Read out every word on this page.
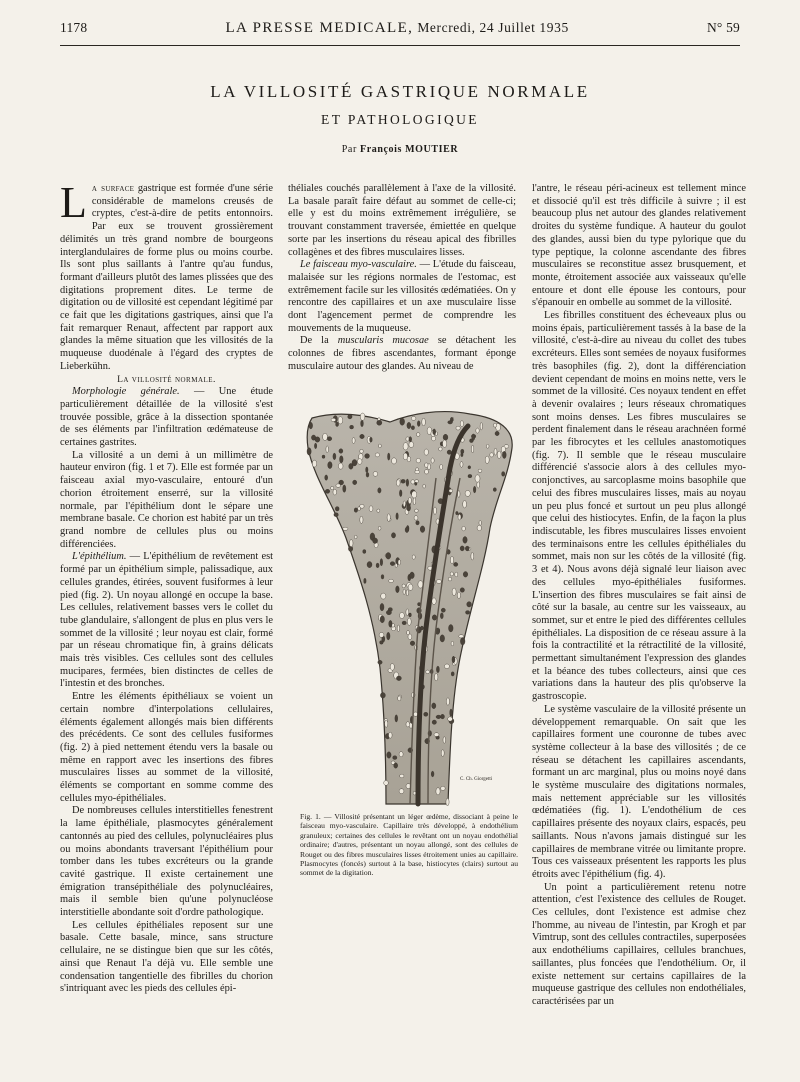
1178	LA PRESSE MEDICALE, Mercredi, 24 Juillet 1935	N° 59
LA VILLOSITÉ GASTRIQUE NORMALE
ET PATHOLOGIQUE
Par François MOUTIER

La surface gastrique est formée d'une série considérable de mamelons creusés de cryptes, c'est-à-dire de petits entonnoirs. Par eux se trouvent grossièrement délimités un très grand nombre de bourgeons interglandulaires de forme plus ou moins courbe. Ils sont plus saillants à l'antre qu'au fundus, formant d'ailleurs plutôt des lames plissées que des digitations proprement dites. Le terme de digitation ou de villosité est cependant légitimé par ce fait que les digitations gastriques, ainsi que l'a fait remarquer Renaut, affectent par rapport aux glandes la même situation que les villosités de la muqueuse duodénale à l'égard des cryptes de Lieberkühn.

La villosité normale.

Morphologie générale. — Une étude particulièrement détaillée de la villosité s'est trouvée possible, grâce à la dissection spontanée de ses éléments par l'infiltration œdémateuse de certaines gastrites.

La villosité a un demi à un millimètre de hauteur environ (fig. 1 et 7). Elle est formée par un faisceau axial myo-vasculaire, entouré d'un chorion étroitement enserré, sur la villosité normale, par l'épithélium dont le sépare une membrane basale. Ce chorion est habité par un très grand nombre de cellules plus ou moins différenciées.

L'épithélium. — L'épithélium de revêtement est formé par un épithélium simple, palissadique, aux cellules grandes, étirées, souvent fusiformes à leur pied (fig. 2). Un noyau allongé en occupe la base. Les cellules, relativement basses vers le collet du tube glandulaire, s'allongent de plus en plus vers le sommet de la villosité ; leur noyau est clair, formé par un réseau chromatique fin, à grains délicats mais très visibles. Ces cellules sont des cellules mucipares, fermées, bien distinctes de celles de l'intestin et des bronches.

Entre les éléments épithéliaux se voient un certain nombre d'interpolations cellulaires, éléments également allongés mais bien différents des précédents. Ce sont des cellules fusiformes (fig. 2) à pied nettement étendu vers la basale ou même en rapport avec les insertions des fibres musculaires lisses au sommet de la villosité, éléments se comportant en somme comme des cellules myo-épithéliales.

De nombreuses cellules interstitielles fenestrent la lame épithéliale, plasmocytes généralement cantonnés au pied des cellules, polynucléaires plus ou moins abondants traversant l'épithélium pour tomber dans les tubes excréteurs ou la grande cavité gastrique. Il existe certainement une émigration transépithéliale des polynucléaires, mais il semble bien qu'une polynucléose interstitielle abondante soit d'ordre pathologique.

Les cellules épithéliales reposent sur une basale. Cette basale, mince, sans structure cellulaire, ne se distingue bien que sur les côtés, ainsi que Renaut l'a déjà vu. Elle semble une condensation tangentielle des fibrilles du chorion s'intriquant avec les pieds des cellules épi-

théliales couchés parallèlement à l'axe de la villosité. La basale paraît faire défaut au sommet de celle-ci; elle y est du moins extrêmement irrégulière, se trouvant constamment traversée, émiettée en quelque sorte par les insertions du réseau apical des fibrilles collagènes et des fibres musculaires lisses.

Le faisceau myo-vasculaire. — L'étude du faisceau, malaisée sur les régions normales de l'estomac, est extrêmement facile sur les villosités œdématiées. On y rencontre des capillaires et un axe musculaire lisse dont l'agencement permet de comprendre les mouvements de la muqueuse.

De la muscularis mucosae se détachent les colonnes de fibres ascendantes, formant éponge musculaire autour des glandes. Au niveau de

C. Ch. Giorgetti
Fig. 1. — Villosité présentant un léger œdème, dissociant à peine le faisceau myo-vasculaire. Capillaire très développé, à endothélium granuleux; certaines des cellules le revêtant ont un noyau endothélial ordinaire; d'autres, présentant un noyau allongé, sont des cellules de Rouget ou des fibres musculaires lisses étroitement unies au capillaire. Plasmocytes (foncés) surtout à la base, histiocytes (clairs) surtout au sommet de la digitation.

l'antre, le réseau péri-acineux est tellement mince et dissocié qu'il est très difficile à suivre ; il est beaucoup plus net autour des glandes relativement droites du système fundique. A hauteur du goulot des glandes, aussi bien du type pylorique que du type peptique, la colonne ascendante des fibres musculaires se reconstitue assez brusquement, et monte, étroitement associée aux vaisseaux qu'elle entoure et dont elle épouse les contours, pour s'épanouir en ombelle au sommet de la villosité.

Les fibrilles constituent des écheveaux plus ou moins épais, particulièrement tassés à la base de la villosité, c'est-à-dire au niveau du collet des tubes excréteurs. Elles sont semées de noyaux fusiformes très basophiles (fig. 2), dont la différenciation devient cependant de moins en moins nette, vers le sommet de la villosité. Ces noyaux tendent en effet à devenir ovalaires ; leurs réseaux chromatiques sont moins denses. Les fibres musculaires se perdent finalement dans le réseau arachnéen formé par les fibrocytes et les cellules anastomotiques (fig. 7). Il semble que le réseau musculaire différencié s'associe alors à des cellules myo-conjonctives, au sarcoplasme moins basophile que celui des fibres musculaires lisses, mais au noyau un peu plus foncé et surtout un peu plus allongé que celui des histiocytes. Enfin, de la façon la plus indiscutable, les fibres musculaires lisses envoient des terminaisons entre les cellules épithéliales du sommet, mais non sur les côtés de la villosité (fig. 3 et 4). Nous avons déjà signalé leur liaison avec des cellules myo-épithéliales fusiformes. L'insertion des fibres musculaires se fait ainsi de côté sur la basale, au centre sur les vaisseaux, au sommet, sur et entre le pied des différentes cellules épithéliales. La disposition de ce réseau assure à la fois la contractilité et la rétractilité de la villosité, permettant simultanément l'expression des glandes et la béance des tubes collecteurs, ainsi que ces variations dans la hauteur des plis qu'observe la gastroscopie.

Le système vasculaire de la villosité présente un développement remarquable. On sait que les capillaires forment une couronne de tubes avec système collecteur à la base des villosités ; de ce réseau se détachent les capillaires ascendants, formant un arc marginal, plus ou moins noyé dans le système musculaire des digitations normales, mais nettement appréciable sur les villosités œdématiées (fig. 1). L'endothélium de ces capillaires présente des noyaux clairs, espacés, peu saillants. Nous n'avons jamais distingué sur les capillaires de membrane vitrée ou limitante propre. Tous ces vaisseaux présentent les rapports les plus étroits avec l'épithélium (fig. 4).

Un point a particulièrement retenu notre attention, c'est l'existence des cellules de Rouget. Ces cellules, dont l'existence est admise chez l'homme, au niveau de l'intestin, par Krogh et par Vimtrup, sont des cellules contractiles, superposées aux endothéliums capillaires, cellules branchues, saillantes, plus foncées que l'endothélium. Or, il existe nettement sur certains capillaires de la muqueuse gastrique des cellules non endothéliales, caractérisées par un
